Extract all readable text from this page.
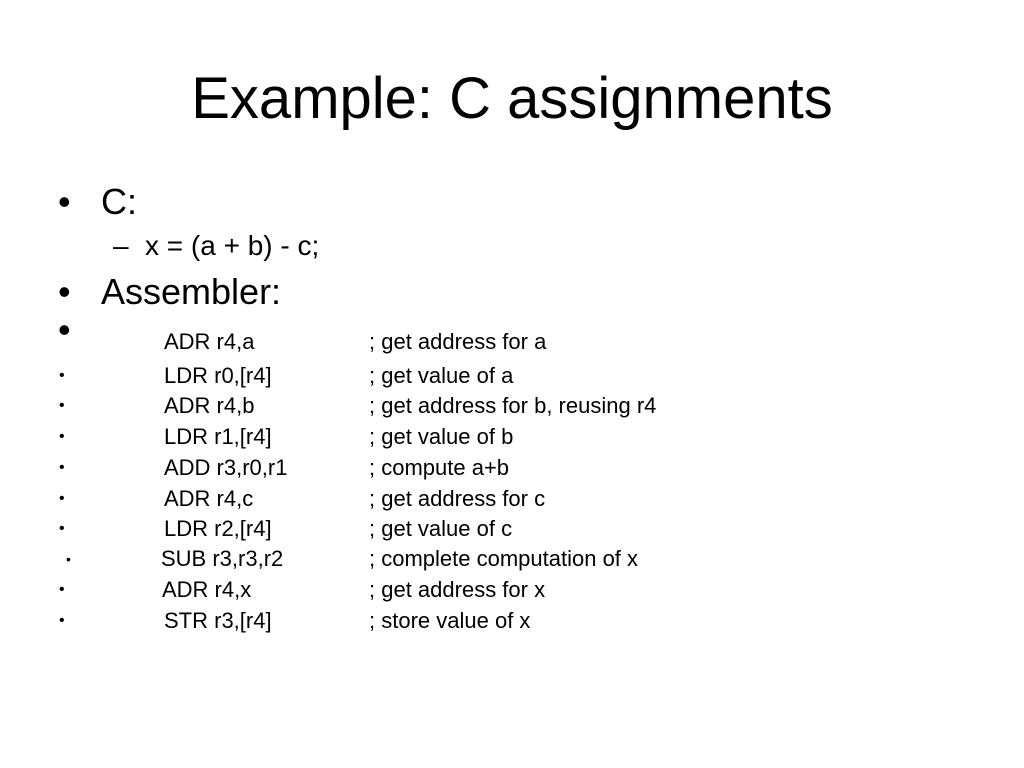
Example: C assignments
• C:
– x = (a + b) - c;
• Assembler:
•	ADR r4,a	; get address for a
•	LDR r0,[r4]	; get value of a
•	ADR r4,b	; get address for b, reusing r4
•	LDR r1,[r4]	; get value of b
•	ADD r3,r0,r1	; compute a+b
•	ADR r4,c	; get address for c
•	LDR r2,[r4]	; get value of c
•	SUB r3,r3,r2	; complete computation of x
•	ADR r4,x	; get address for x
•	STR r3,[r4]	; store value of x
